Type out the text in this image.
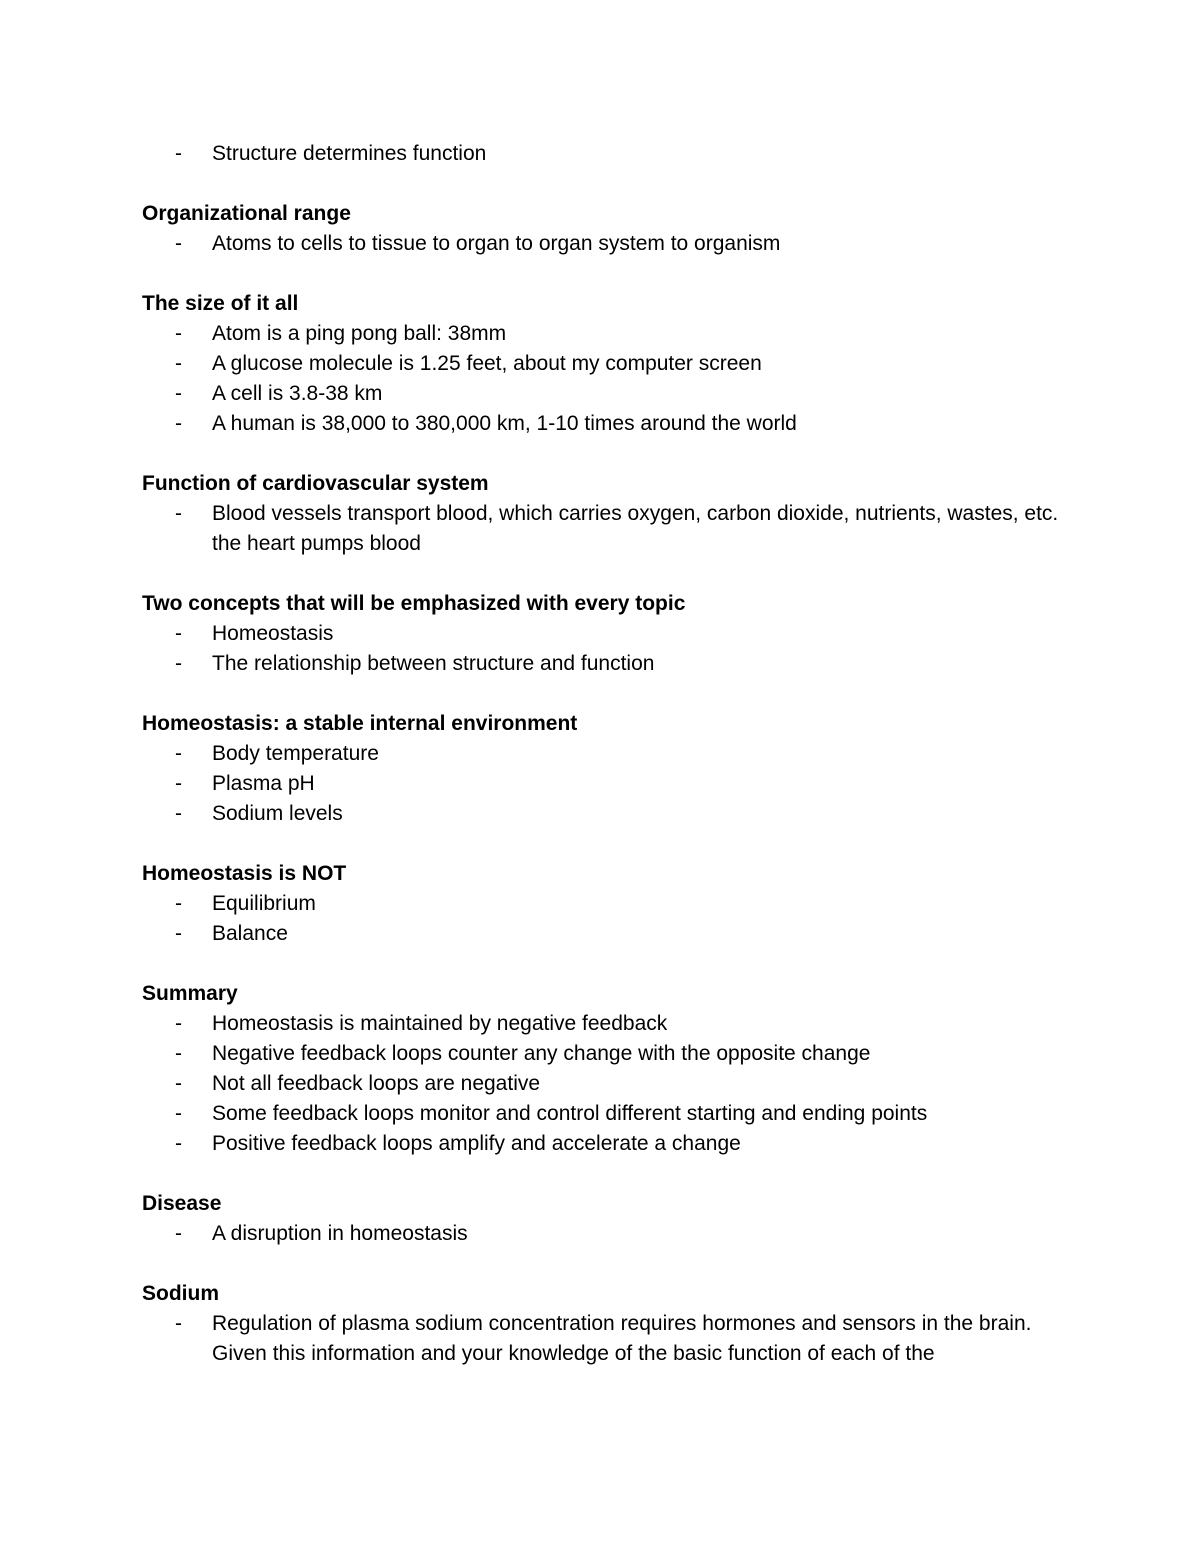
- Structure determines function
Organizational range
- Atoms to cells to tissue to organ to organ system to organism
The size of it all
- Atom is a ping pong ball: 38mm
- A glucose molecule is 1.25 feet, about my computer screen
- A cell is 3.8-38 km
- A human is 38,000 to 380,000 km, 1-10 times around the world
Function of cardiovascular system
- Blood vessels transport blood, which carries oxygen, carbon dioxide, nutrients, wastes, etc. the heart pumps blood
Two concepts that will be emphasized with every topic
- Homeostasis
- The relationship between structure and function
Homeostasis: a stable internal environment
- Body temperature
- Plasma pH
- Sodium levels
Homeostasis is NOT
- Equilibrium
- Balance
Summary
- Homeostasis is maintained by negative feedback
- Negative feedback loops counter any change with the opposite change
- Not all feedback loops are negative
- Some feedback loops monitor and control different starting and ending points
- Positive feedback loops amplify and accelerate a change
Disease
- A disruption in homeostasis
Sodium
- Regulation of plasma sodium concentration requires hormones and sensors in the brain. Given this information and your knowledge of the basic function of each of the
